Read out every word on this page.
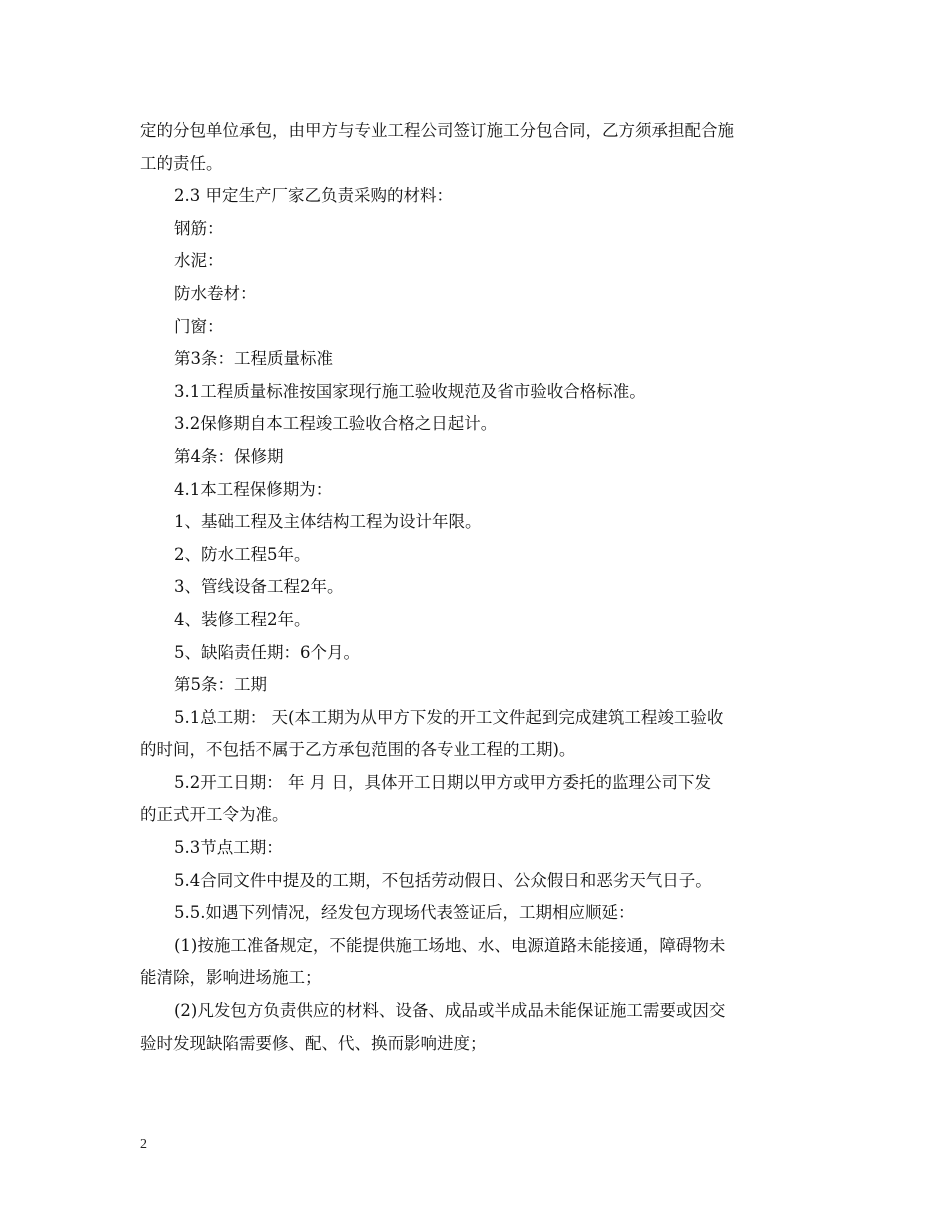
定的分包单位承包，由甲方与专业工程公司签订施工分包合同，乙方须承担配合施
工的责任。
2.3 甲定生产厂家乙负责采购的材料：
钢筋：
水泥：
防水卷材：
门窗：
第3条：工程质量标准
3.1工程质量标准按国家现行施工验收规范及省市验收合格标准。
3.2保修期自本工程竣工验收合格之日起计。
第4条：保修期
4.1本工程保修期为：
1、基础工程及主体结构工程为设计年限。
2、防水工程5年。
3、管线设备工程2年。
4、装修工程2年。
5、缺陷责任期：6个月。
第5条：工期
5.1总工期： 天(本工期为从甲方下发的开工文件起到完成建筑工程竣工验收
的时间，不包括不属于乙方承包范围的各专业工程的工期)。
5.2开工日期： 年 月 日，具体开工日期以甲方或甲方委托的监理公司下发
的正式开工令为准。
5.3节点工期：
5.4合同文件中提及的工期，不包括劳动假日、公众假日和恶劣天气日子。
5.5.如遇下列情况，经发包方现场代表签证后，工期相应顺延：
(1)按施工准备规定，不能提供施工场地、水、电源道路未能接通，障碍物未
能清除，影响进场施工；
(2)凡发包方负责供应的材料、设备、成品或半成品未能保证施工需要或因交
验时发现缺陷需要修、配、代、换而影响进度；
2
